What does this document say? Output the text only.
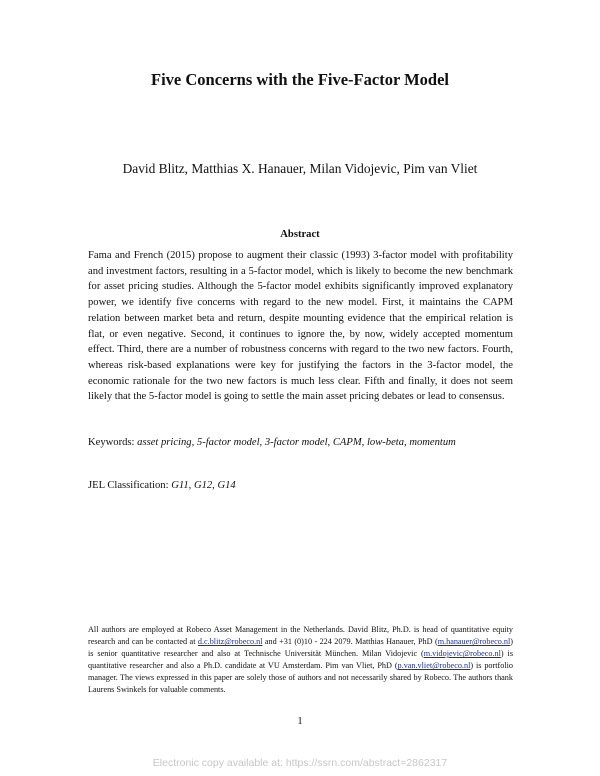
Five Concerns with the Five-Factor Model
David Blitz, Matthias X. Hanauer, Milan Vidojevic, Pim van Vliet
Abstract

Fama and French (2015) propose to augment their classic (1993) 3-factor model with profitability and investment factors, resulting in a 5-factor model, which is likely to become the new benchmark for asset pricing studies. Although the 5-factor model exhibits significantly improved explanatory power, we identify five concerns with regard to the new model. First, it maintains the CAPM relation between market beta and return, despite mounting evidence that the empirical relation is flat, or even negative. Second, it continues to ignore the, by now, widely accepted momentum effect. Third, there are a number of robustness concerns with regard to the two new factors. Fourth, whereas risk-based explanations were key for justifying the factors in the 3-factor model, the economic rationale for the two new factors is much less clear. Fifth and finally, it does not seem likely that the 5-factor model is going to settle the main asset pricing debates or lead to consensus.

Keywords: asset pricing, 5-factor model, 3-factor model, CAPM, low-beta, momentum
JEL Classification: G11, G12, G14

All authors are employed at Robeco Asset Management in the Netherlands. David Blitz, Ph.D. is head of quantitative equity research and can be contacted at d.c.blitz@robeco.nl and +31 (0)10 - 224 2079. Matthias Hanauer, PhD (m.hanauer@robeco.nl) is senior quantitative researcher and also at Technische Universität München. Milan Vidojevic (m.vidojevic@robeco.nl) is quantitative researcher and also a Ph.D. candidate at VU Amsterdam. Pim van Vliet, PhD (p.van.vliet@robeco.nl) is portfolio manager. The views expressed in this paper are solely those of authors and not necessarily shared by Robeco. The authors thank Laurens Swinkels for valuable comments.

1
Electronic copy available at: https://ssrn.com/abstract=2862317
